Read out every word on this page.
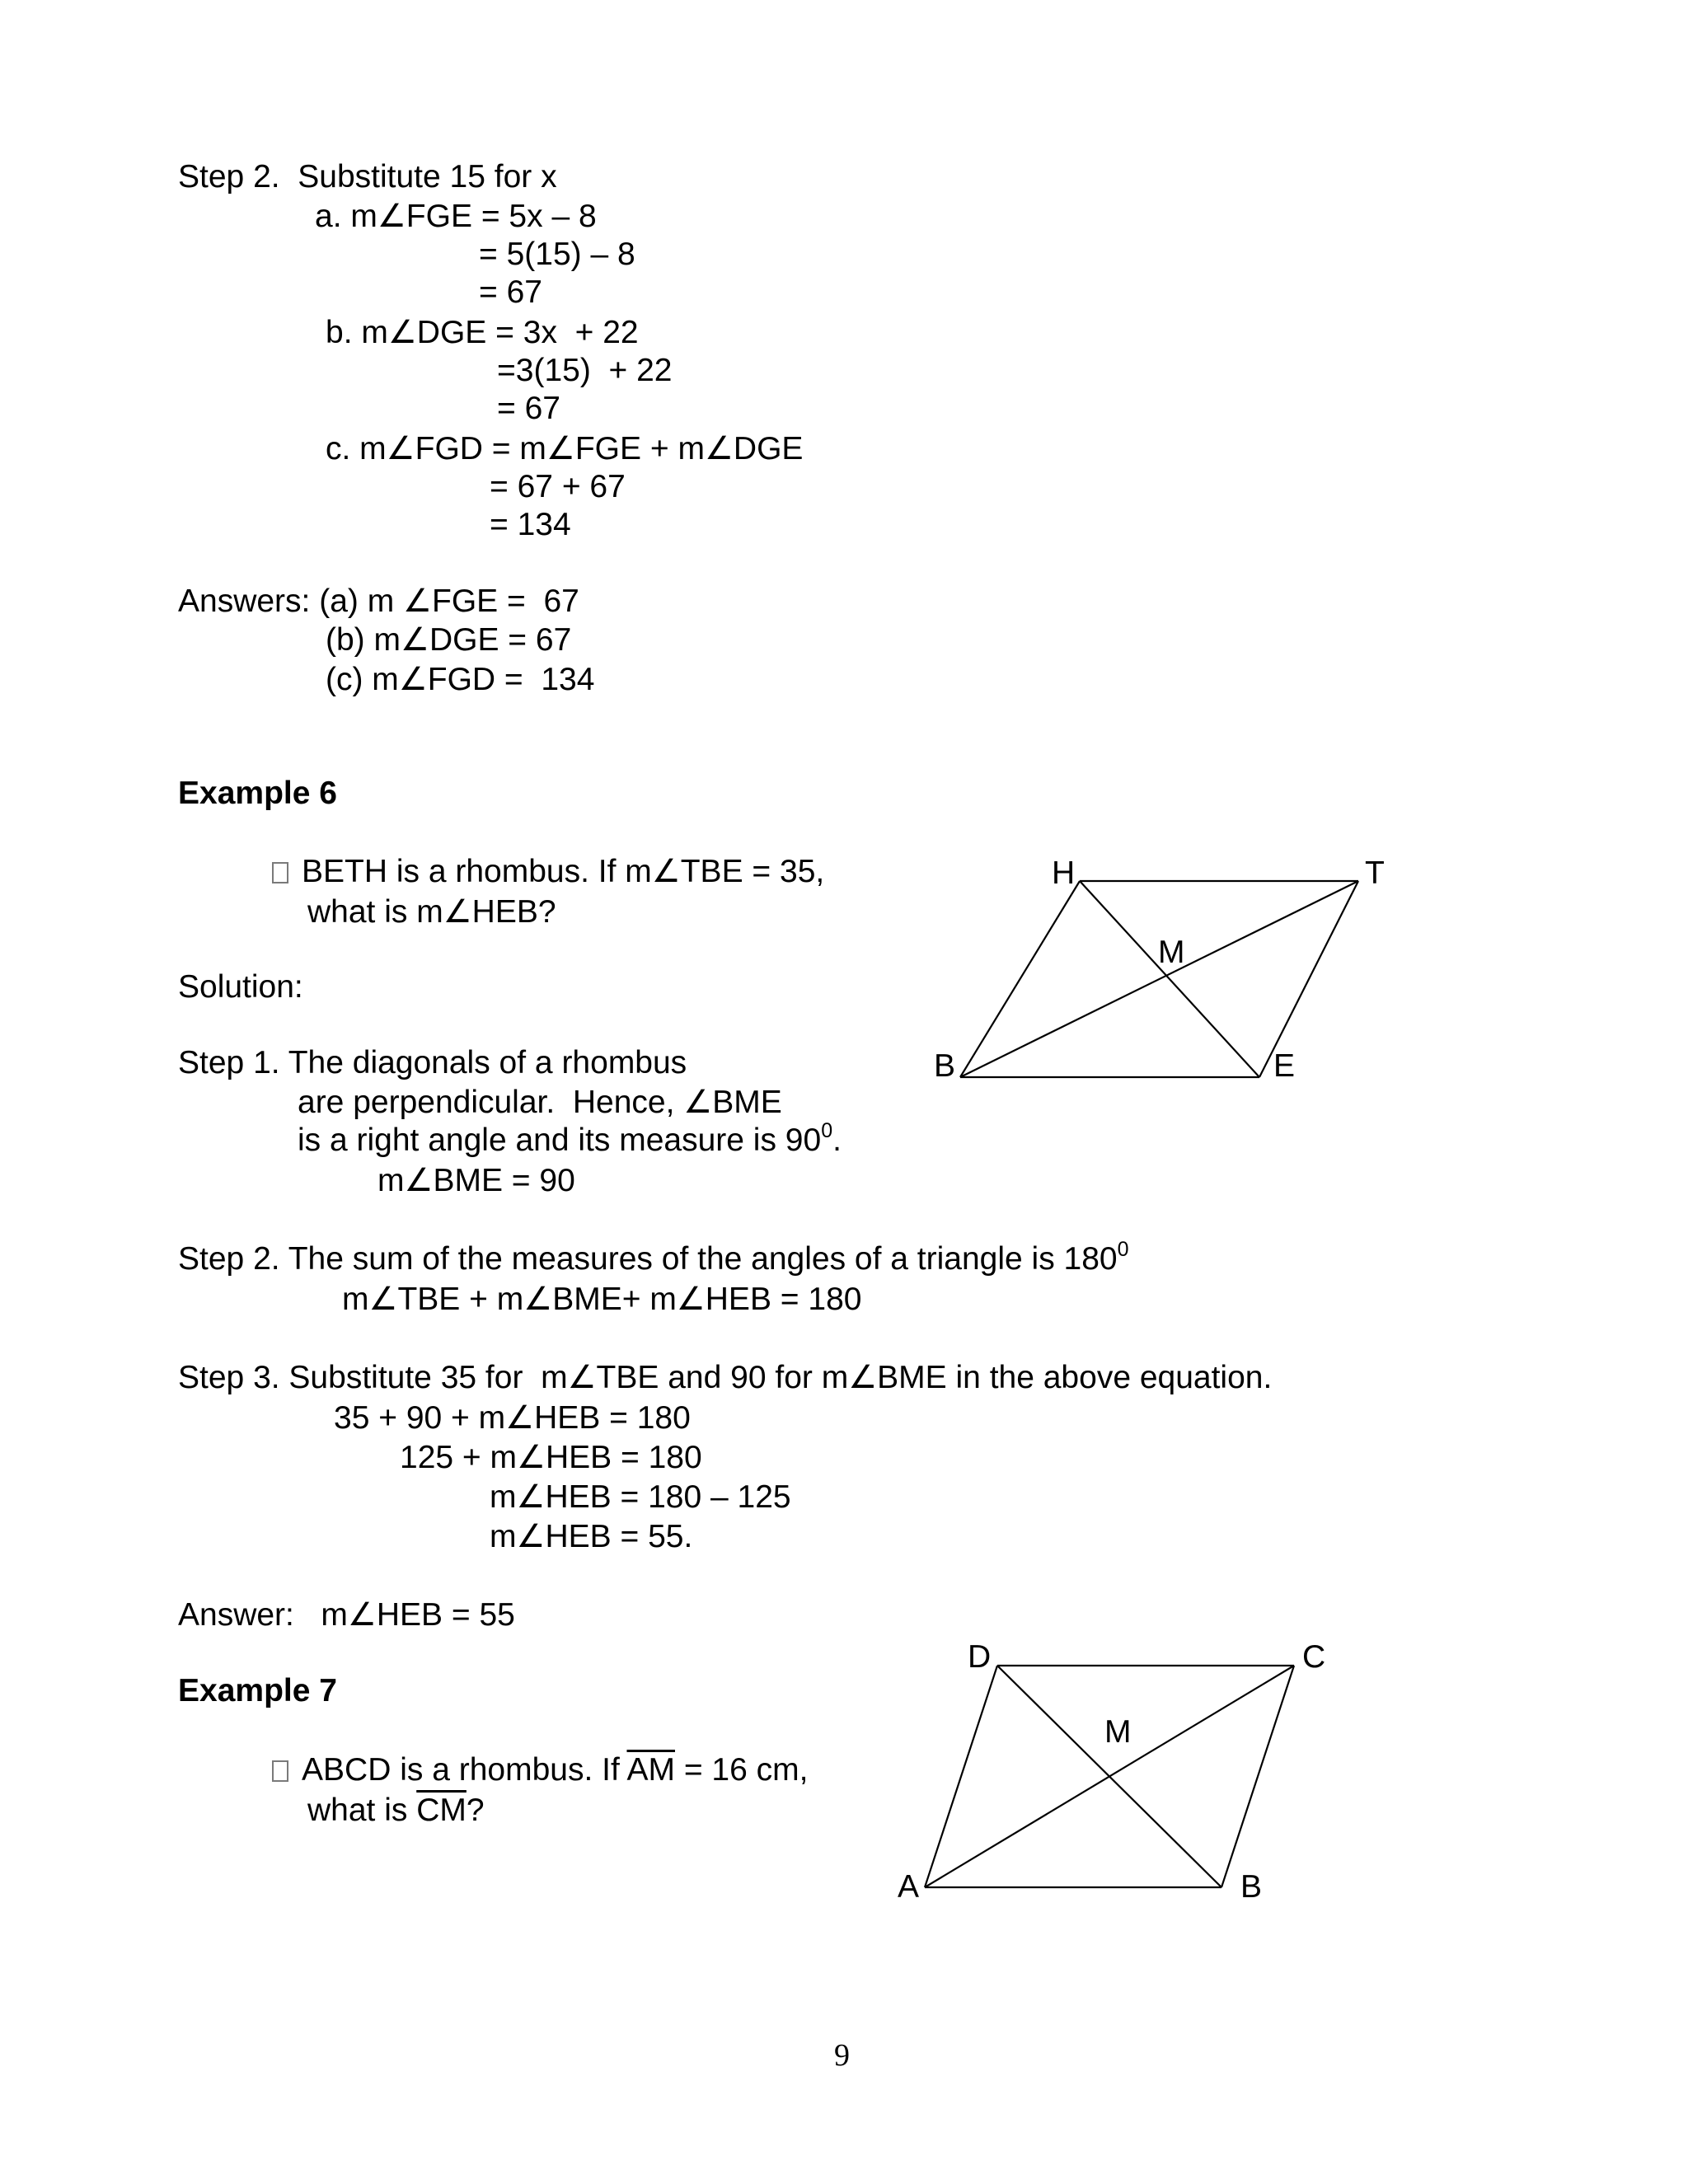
Step 2.  Substitute 15 for x

a. m∠FGE = 5x – 8

= 5(15) – 8

= 67

b. m∠DGE = 3x  + 22

=3(15)  + 22

= 67

c. m∠FGD = m∠FGE + m∠DGE

= 67 + 67

= 134

Answers: (a) m ∠FGE =  67

(b) m∠DGE = 67

(c) m∠FGD =  134

Example 6

BETH is a rhombus. If m∠TBE = 35,

what is m∠HEB?

Solution:

Step 1. The diagonals of a rhombus

are perpendicular.  Hence, ∠BME

is a right angle and its measure is $90^0$.

m∠BME = 90

Step 2. The sum of the measures of the angles of a triangle is $180^0$

m∠TBE + m∠BME+ m∠HEB = 180

Step 3. Substitute 35 for  m∠TBE and 90 for m∠BME in the above equation.

35 + 90 + m∠HEB = 180

125 + m∠HEB = 180

m∠HEB = 180 – 125

m∠HEB = 55.

Answer:   m∠HEB = 55

Example 7

ABCD is a rhombus. If $\overline{AM} = 16$ cm,

what is $\overline{CM}$?

H	T
M
B	E
D	C
M
A	B

9
